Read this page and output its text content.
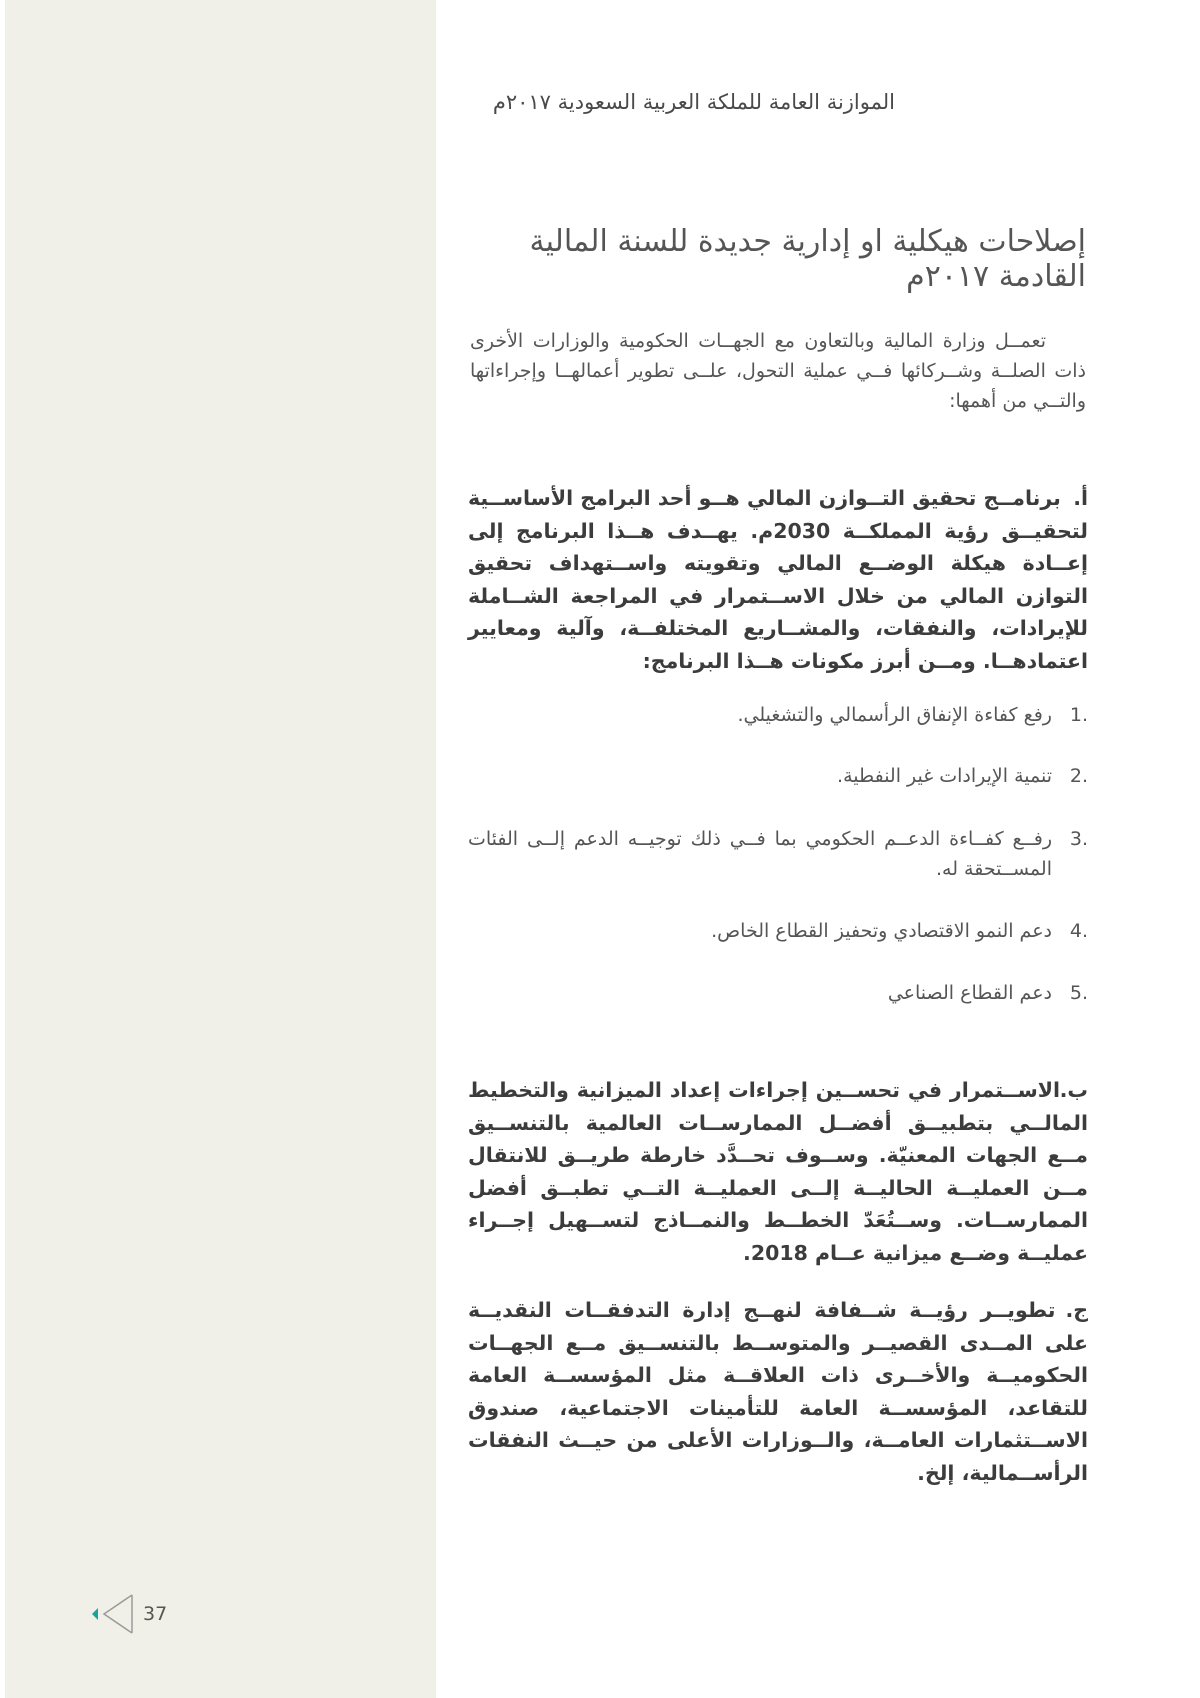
الموازنة العامة للملكة العربية السعودية ٢٠١٧م
إصلاحات هيكلية او إدارية جديدة للسنة المالية
القادمة ٢٠١٧م

تعمــل وزارة المالية وبالتعاون مع الجهــات الحكومية والوزارات الأخرى ذات الصلــة وشــركائها فــي عملية التحول، علــى تطوير أعمالهــا وإجراءاتها والتــي من أهمها:

أ. برنامــج تحقيق التــوازن المالي هــو أحد البرامج الأساســية لتحقيــق رؤية المملكــة 2030م. يهــدف هــذا البرنامج إلى إعــادة هيكلة الوضــع المالي وتقويته واســتهداف تحقيق التوازن المالي من خلال الاســتمرار في المراجعة الشــاملة للإيرادات، والنفقات، والمشــاريع المختلفــة، وآلية ومعايير اعتمادهــا. ومــن أبرز مكونات هــذا البرنامج:

1.
رفع كفاءة الإنفاق الرأسمالي والتشغيلي.
2.
تنمية الإيرادات غير النفطية.
3.
رفــع كفــاءة الدعــم الحكومي بما فــي ذلك توجيــه الدعم إلــى الفئات المســتحقة له.
4.
دعم النمو الاقتصادي وتحفيز القطاع الخاص.
5.
دعم القطاع الصناعي

ب. الاســتمرار في تحســين إجراءات إعداد الميزانية والتخطيط المالــي بتطبيــق أفضــل الممارســات العالمية بالتنســيق مــع الجهات المعنيّة. وســوف تحــدَّد خارطة طريــق للانتقال مــن العمليــة الحاليــة إلــى العمليــة التــي تطبــق أفضل الممارســات. وســتُعَدّ الخطــط والنمــاذج لتســهيل إجــراء عمليــة وضــع ميزانية عــام 2018.

ج. تطويــر رؤيــة شــفافة لنهــج إدارة التدفقــات النقديــة على المــدى القصيــر والمتوســط بالتنســيق مــع الجهــات الحكوميــة والأخــرى ذات العلاقــة مثل المؤسســة العامة للتقاعد، المؤسســة العامة للتأمينات الاجتماعية، صندوق الاســتثمارات العامــة، والــوزارات الأعلى من حيــث النفقات الرأســمالية، إلخ.

37
